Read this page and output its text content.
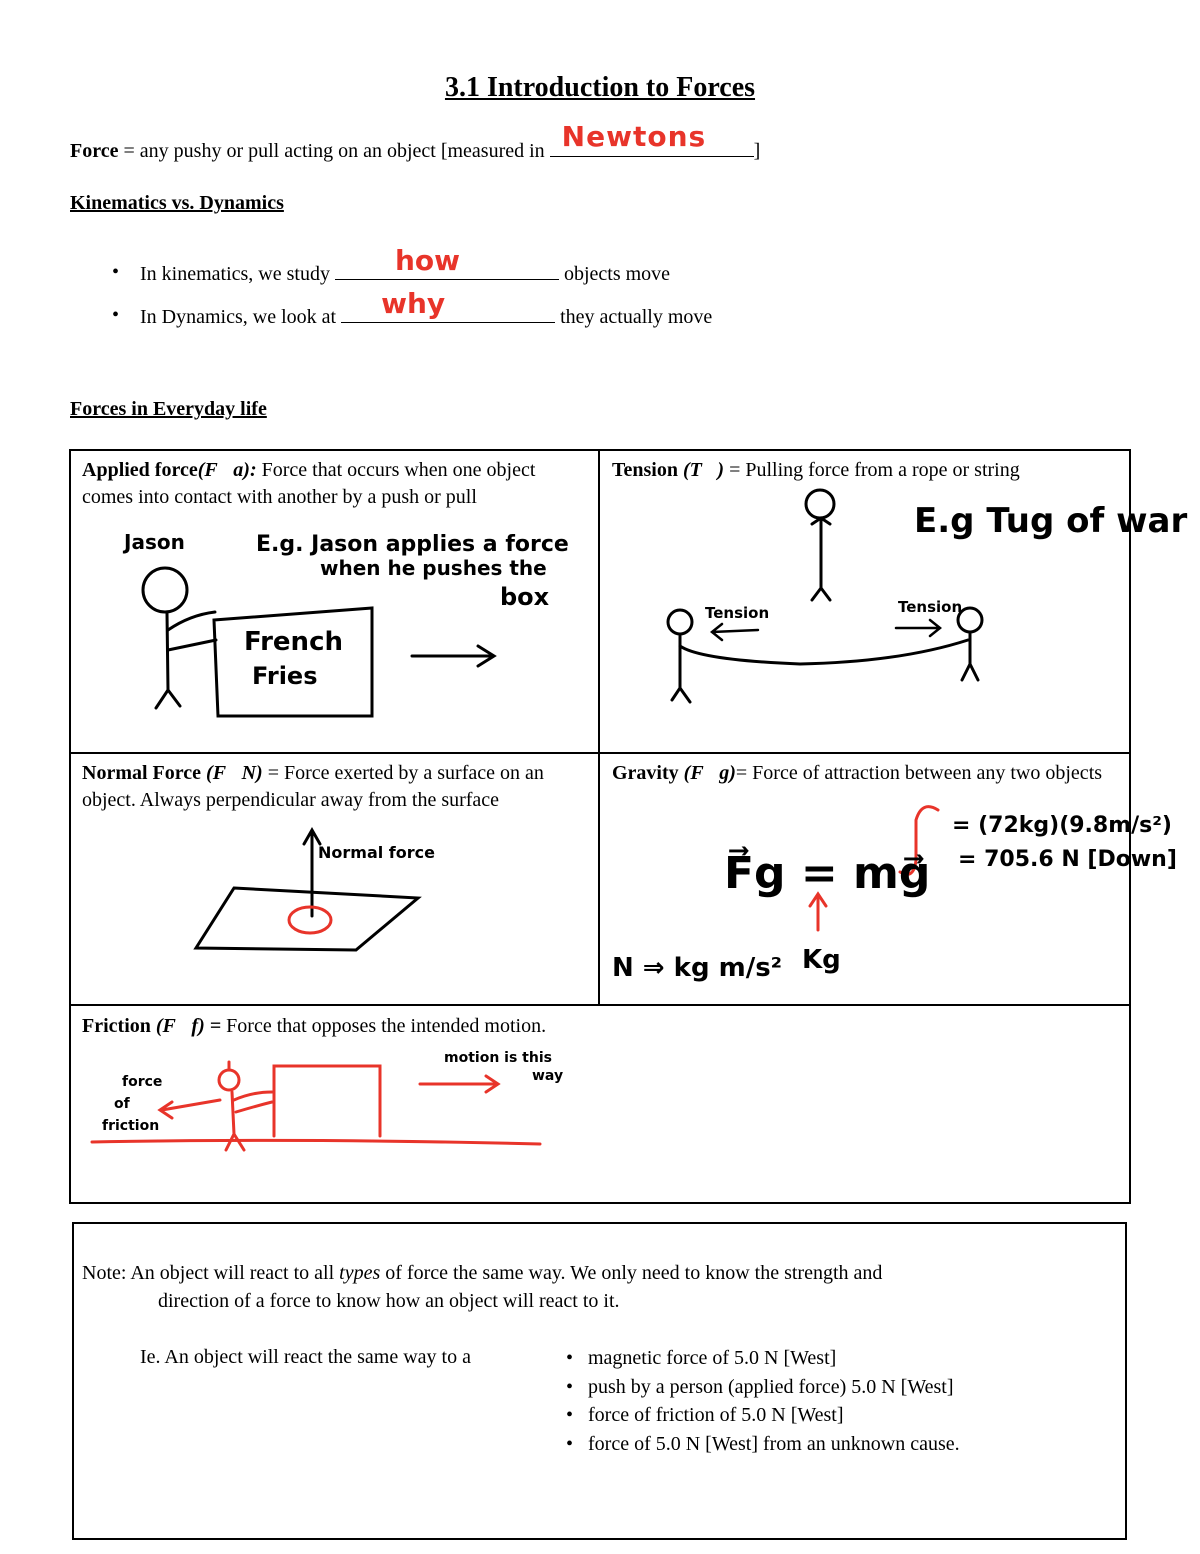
3.1 Introduction to Forces
Force = any pushy or pull acting on an object [measured in Newtons	]
Kinematics vs. Dynamics
• In kinematics, we study how	objects move
• In Dynamics, we look at why	they actually move
Forces in Everyday life
Applied force(F⃗a): Force that occurs when one object comes into contact with another by a push or pull
Tension (T⃗) = Pulling force from a rope or string
Normal Force (F⃗N) = Force exerted by a surface on an object. Always perpendicular away from the surface
Gravity (F⃗g)= Force of attraction between any two objects
Friction (F⃗f) = Force that opposes the intended motion.
Jason	E.g. Jason applies a force
when he pushes the
box
French
Fries
E.g Tug of war
Tension	Tension
Normal force	F⃗g = mg⃗
= (72kg)(9.8m/s²)
= 705.6 N [Down]
N ⇒ kg m/s² Kg
force
of
friction
motion is this
way
Note: An object will react to all types of force the same way. We only need to know the strength and
direction of a force to know how an object will react to it.
Ie. An object will react the same way to a
•	magnetic force of 5.0 N [West]
• push by a person (applied force) 5.0 N [West]
• force of friction of 5.0 N [West]
• force of 5.0 N [West] from an unknown cause.
